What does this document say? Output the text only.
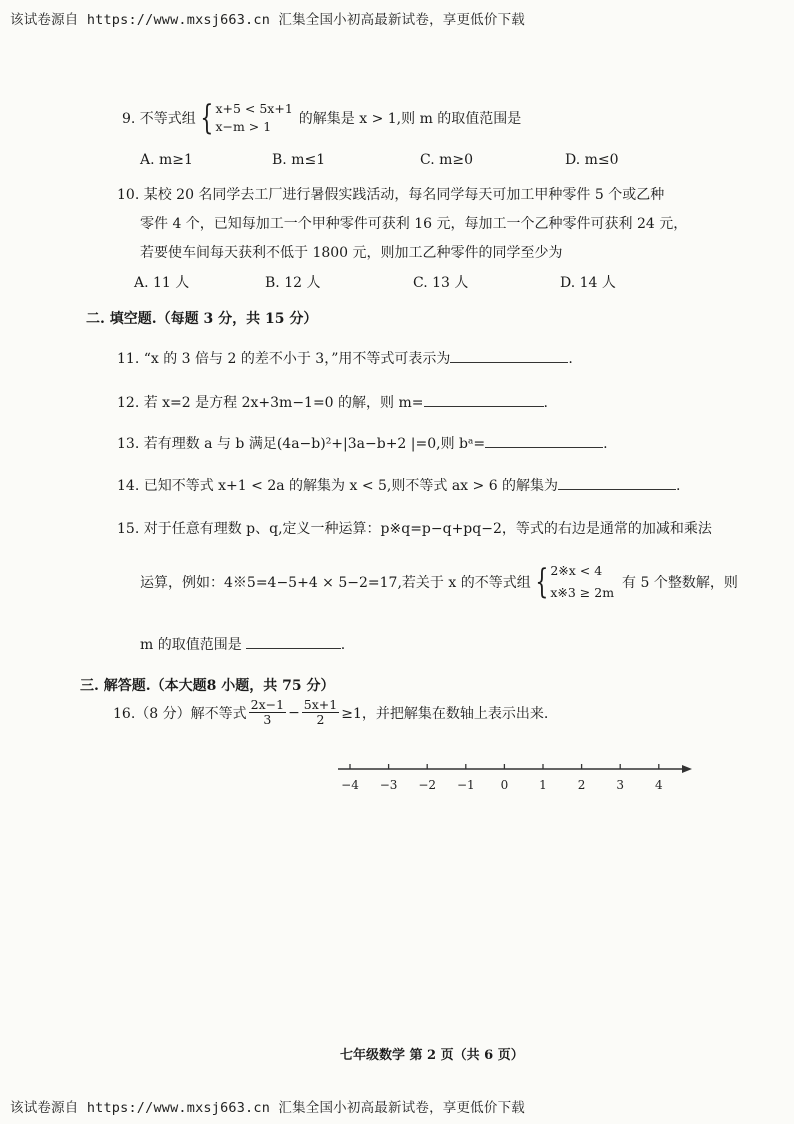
该试卷源自 https://www.mxsj663.cn 汇集全国小初高最新试卷，享更低价下载
9. 不等式组 { x+5 < 5x+1
x−m > 1	的解集是 x > 1,则 m 的取值范围是
A. m≥1	B. m≤1	C. m≥0	D. m≤0
10. 某校 20 名同学去工厂进行暑假实践活动，每名同学每天可加工甲种零件 5 个或乙种
零件 4 个，已知每加工一个甲种零件可获利 16 元，每加工一个乙种零件可获利 24 元，
若要使车间每天获利不低于 1800 元，则加工乙种零件的同学至少为
A. 11 人	B. 12 人	C. 13 人	D. 14 人
二. 填空题.（每题 3 分，共 15 分）
11. “x 的 3 倍与 2 的差不小于 3，”用不等式可表示为	.
12. 若 x=2 是方程 2x+3m−1=0 的解，则 m=	.
13. 若有理数 a 与 b 满足(4a−b)²+|3a−b+2 |=0,则 bᵃ=	.
14. 已知不等式 x+1 < 2a 的解集为 x < 5,则不等式 ax > 6 的解集为	.
15. 对于任意有理数 p、q,定义一种运算：p※q=p−q+pq−2，等式的右边是通常的加减和乘法
运算，例如：4※5=4−5+4 × 5−2=17,若关于 x 的不等式组 { 2※x < 4
x※3 ≥ 2m
有 5 个整数解，则
m 的取值范围是	.
三. 解答题.（本大题8 小题，共 75 分）
16.（8 分）解不等式 $\frac{2x-1}{3} - \frac{5x+1}{2} \ge 1$，并把解集在数轴上表示出来.
−4 −3 −2 −1 0	1	2	3	4
七年级数学 第 2 页（共 6 页）
该试卷源自 https://www.mxsj663.cn 汇集全国小初高最新试卷，享更低价下载
